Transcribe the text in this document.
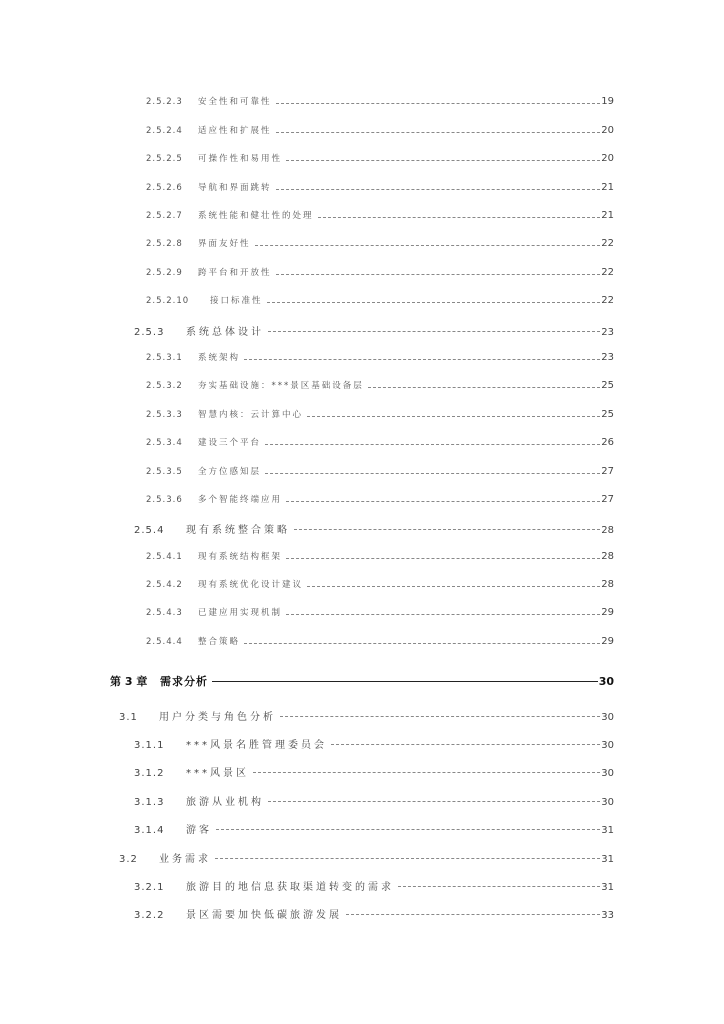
2.5.2.3	安全性和可靠性	19
2.5.2.4	适应性和扩展性	20
2.5.2.5	可操作性和易用性	20
2.5.2.6	导航和界面跳转	21
2.5.2.7	系统性能和健壮性的处理	21
2.5.2.8	界面友好性	22
2.5.2.9	跨平台和开放性	22
2.5.2.10	接口标准性	22
2.5.3	系统总体设计	23
2.5.3.1	系统架构	23
2.5.3.2	夯实基础设施：***景区基础设备层	25
2.5.3.3	智慧内核：云计算中心	25
2.5.3.4	建设三个平台	26
2.5.3.5	全方位感知层	27
2.5.3.6	多个智能终端应用	27
2.5.4	现有系统整合策略	28
2.5.4.1	现有系统结构框架	28
2.5.4.2	现有系统优化设计建议	28
2.5.4.3	已建应用实现机制	29
2.5.4.4	整合策略	29
第 3 章	需求分析	30
3.1	用户分类与角色分析	30
3.1.1	***风景名胜管理委员会	30
3.1.2	***风景区	30
3.1.3	旅游从业机构	30
3.1.4	游客	31
3.2	业务需求	31
3.2.1	旅游目的地信息获取渠道转变的需求	31
3.2.2	景区需要加快低碳旅游发展	33
